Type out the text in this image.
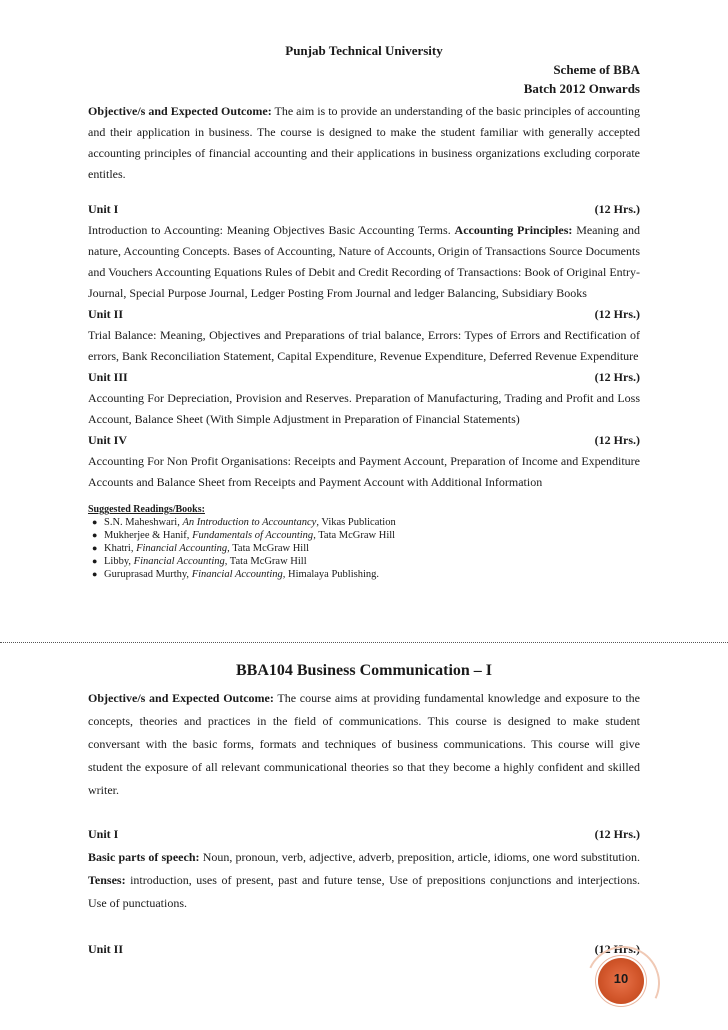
Punjab Technical University
Scheme of BBA
Batch 2012 Onwards

Objective/s and Expected Outcome: The aim is to provide an understanding of the basic principles of accounting and their application in business. The course is designed to make the student familiar with generally accepted accounting principles of financial accounting and their applications in business organizations excluding corporate entitles.

Unit I	(12 Hrs.)

Introduction to Accounting: Meaning Objectives Basic Accounting Terms. Accounting Principles: Meaning and nature, Accounting Concepts. Bases of Accounting, Nature of Accounts, Origin of Transactions Source Documents and Vouchers Accounting Equations Rules of Debit and Credit Recording of Transactions: Book of Original Entry-Journal, Special Purpose Journal, Ledger Posting From Journal and ledger Balancing, Subsidiary Books

Unit II	(12 Hrs.)

Trial Balance: Meaning, Objectives and Preparations of trial balance, Errors: Types of Errors and Rectification of errors, Bank Reconciliation Statement, Capital Expenditure, Revenue Expenditure, Deferred Revenue Expenditure

Unit III	(12 Hrs.)

Accounting For Depreciation, Provision and Reserves. Preparation of Manufacturing, Trading and Profit and Loss Account, Balance Sheet (With Simple Adjustment in Preparation of Financial Statements)

Unit IV	(12 Hrs.)

Accounting For Non Profit Organisations: Receipts and Payment Account, Preparation of Income and Expenditure Accounts and Balance Sheet from Receipts and Payment Account with Additional Information

Suggested Readings/Books:
● S.N. Maheshwari, An Introduction to Accountancy, Vikas Publication
● Mukherjee & Hanif, Fundamentals of Accounting, Tata McGraw Hill
● Khatri, Financial Accounting, Tata McGraw Hill
● Libby, Financial Accounting, Tata McGraw Hill
● Guruprasad Murthy, Financial Accounting, Himalaya Publishing.
BBA104 Business Communication – I

Objective/s and Expected Outcome: The course aims at providing fundamental knowledge and exposure to the concepts, theories and practices in the field of communications. This course is designed to make student conversant with the basic forms, formats and techniques of business communications. This course will give student the exposure of all relevant communicational theories so that they become a highly confident and skilled writer.

Unit I	(12 Hrs.)

Basic parts of speech: Noun, pronoun, verb, adjective, adverb, preposition, article, idioms, one word substitution. Tenses: introduction, uses of present, past and future tense, Use of prepositions conjunctions and interjections. Use of punctuations.

Unit II	(12 Hrs.)
10
